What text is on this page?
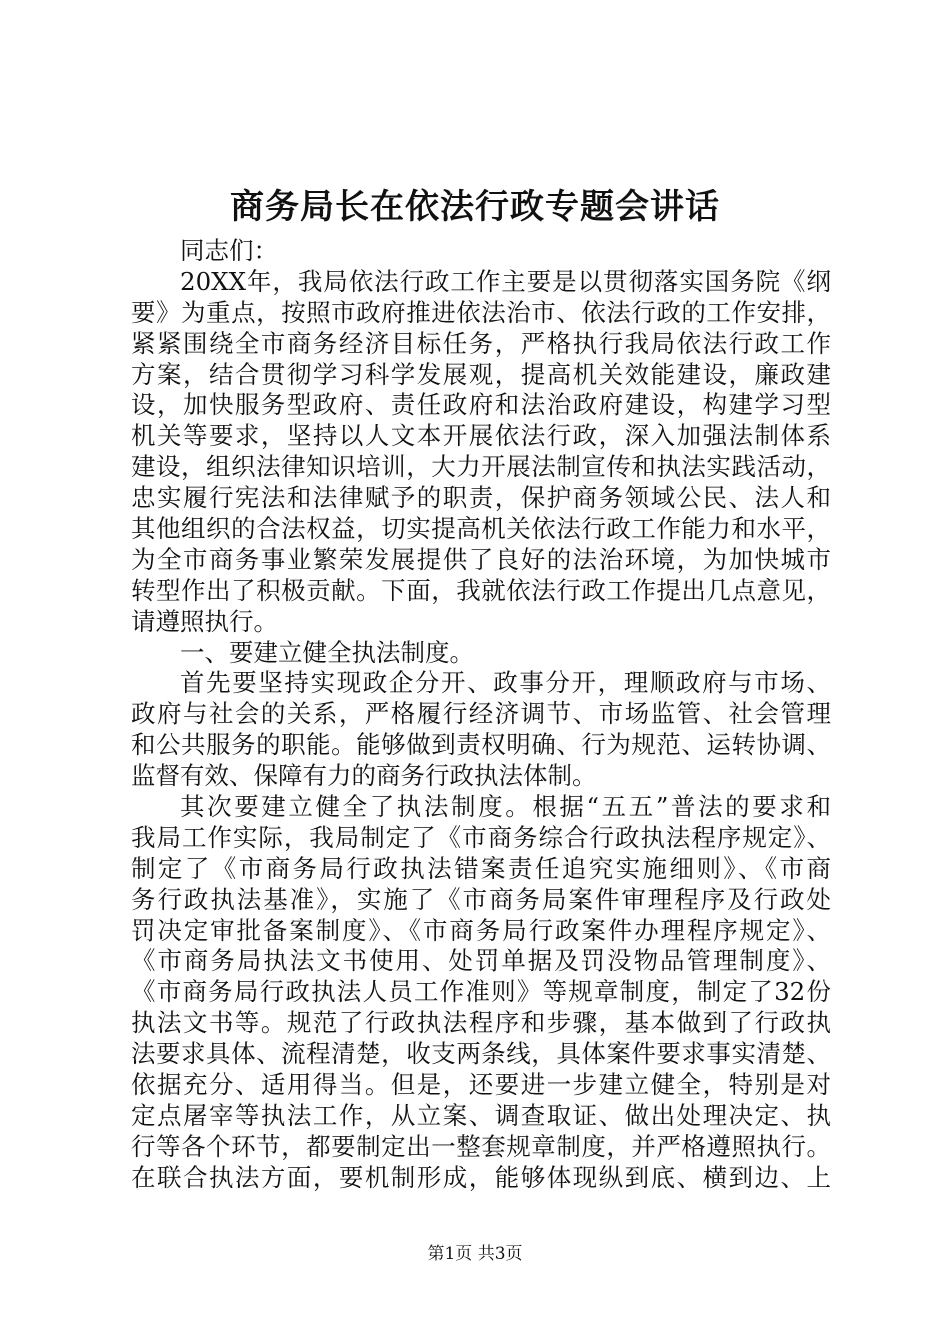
商务局长在依法行政专题会讲话
同志们：
20XX年，我局依法行政工作主要是以贯彻落实国务院《纲
要》为重点，按照市政府推进依法治市、依法行政的工作安排，
紧紧围绕全市商务经济目标任务，严格执行我局依法行政工作
方案，结合贯彻学习科学发展观，提高机关效能建设，廉政建
设，加快服务型政府、责任政府和法治政府建设，构建学习型
机关等要求，坚持以人文本开展依法行政，深入加强法制体系
建设，组织法律知识培训，大力开展法制宣传和执法实践活动，
忠实履行宪法和法律赋予的职责，保护商务领域公民、法人和
其他组织的合法权益，切实提高机关依法行政工作能力和水平，
为全市商务事业繁荣发展提供了良好的法治环境，为加快城市
转型作出了积极贡献。下面，我就依法行政工作提出几点意见，
请遵照执行。
一、要建立健全执法制度。
首先要坚持实现政企分开、政事分开，理顺政府与市场、
政府与社会的关系，严格履行经济调节、市场监管、社会管理
和公共服务的职能。能够做到责权明确、行为规范、运转协调、
监督有效、保障有力的商务行政执法体制。
其次要建立健全了执法制度。根据“五五”普法的要求和
我局工作实际，我局制定了《市商务综合行政执法程序规定》、
制定了《市商务局行政执法错案责任追究实施细则》、《市商
务行政执法基准》，实施了《市商务局案件审理程序及行政处
罚决定审批备案制度》、《市商务局行政案件办理程序规定》、
《市商务局执法文书使用、处罚单据及罚没物品管理制度》、
《市商务局行政执法人员工作准则》等规章制度，制定了32份
执法文书等。规范了行政执法程序和步骤，基本做到了行政执
法要求具体、流程清楚，收支两条线，具体案件要求事实清楚、
依据充分、适用得当。但是，还要进一步建立健全，特别是对
定点屠宰等执法工作，从立案、调查取证、做出处理决定、执
行等各个环节，都要制定出一整套规章制度，并严格遵照执行。
在联合执法方面，要机制形成，能够体现纵到底、横到边、上
第1页 共3页
